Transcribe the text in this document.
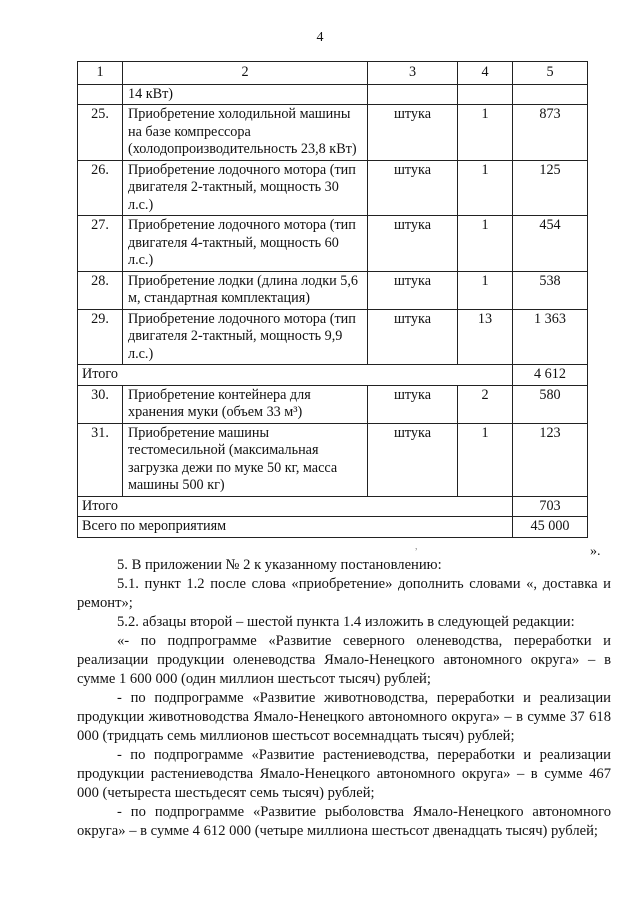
4
1	2	3	4	5
	14 кВт)			
25.	Приобретение холодильной машины на базе компрессора (холодопроизводительность 23,8 кВт)	штука	1	873
26.	Приобретение лодочного мотора (тип двигателя 2-тактный, мощность 30 л.с.)	штука	1	125
27.	Приобретение лодочного мотора (тип двигателя 4-тактный, мощность 60 л.с.)	штука	1	454
28.	Приобретение лодки (длина лодки 5,6 м, стандартная комплектация)	штука	1	538
29.	Приобретение лодочного мотора (тип двигателя 2-тактный, мощность 9,9 л.с.)	штука	13	1 363
Итого				4 612
30.	Приобретение контейнера для хранения муки (объем 33 м³)	штука	2	580
31.	Приобретение машины тестомесильной (максимальная загрузка дежи по муке 50 кг, масса машины 500 кг)	штука	1	123
Итого				703
Всего по мероприятиям				45 000
,	».

5. В приложении № 2 к указанному постановлению:

5.1. пункт 1.2 после слова «приобретение» дополнить словами «, доставка и ремонт»;

5.2. абзацы второй – шестой пункта 1.4 изложить в следующей редакции:

«- по подпрограмме «Развитие северного оленеводства, переработки и реализации продукции оленеводства Ямало-Ненецкого автономного округа» – в сумме 1 600 000 (один миллион шестьсот тысяч) рублей;

- по подпрограмме «Развитие животноводства, переработки и реализации продукции животноводства Ямало-Ненецкого автономного округа» – в сумме 37 618 000 (тридцать семь миллионов шестьсот восемнадцать тысяч) рублей;

- по подпрограмме «Развитие растениеводства, переработки и реализации продукции растениеводства Ямало-Ненецкого автономного округа» – в сумме 467 000 (четыреста шестьдесят семь тысяч) рублей;

- по подпрограмме «Развитие рыболовства Ямало-Ненецкого автономного округа» – в сумме 4 612 000 (четыре миллиона шестьсот двенадцать тысяч) рублей;
